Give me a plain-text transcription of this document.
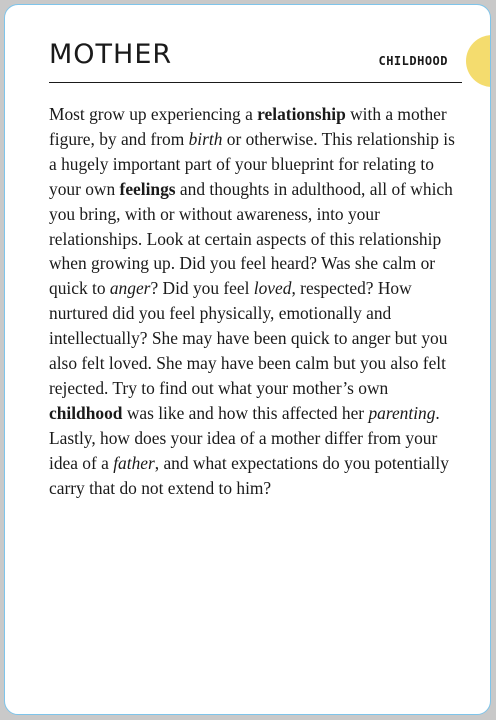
MOTHER	CHILDHOOD

Most grow up experiencing a relationship with a mother figure, by and from birth or otherwise. This relationship is a hugely important part of your blueprint for relating to your own feelings and thoughts in adulthood, all of which you bring, with or without awareness, into your relationships. Look at certain aspects of this relationship when growing up. Did you feel heard? Was she calm or quick to anger? Did you feel loved, respected? How nurtured did you feel physically, emotionally and intellectually? She may have been quick to anger but you also felt loved. She may have been calm but you also felt rejected. Try to find out what your mother’s own childhood was like and how this affected her parenting. Lastly, how does your idea of a mother differ from your idea of a father, and what expectations do you potentially carry that do not extend to him?
